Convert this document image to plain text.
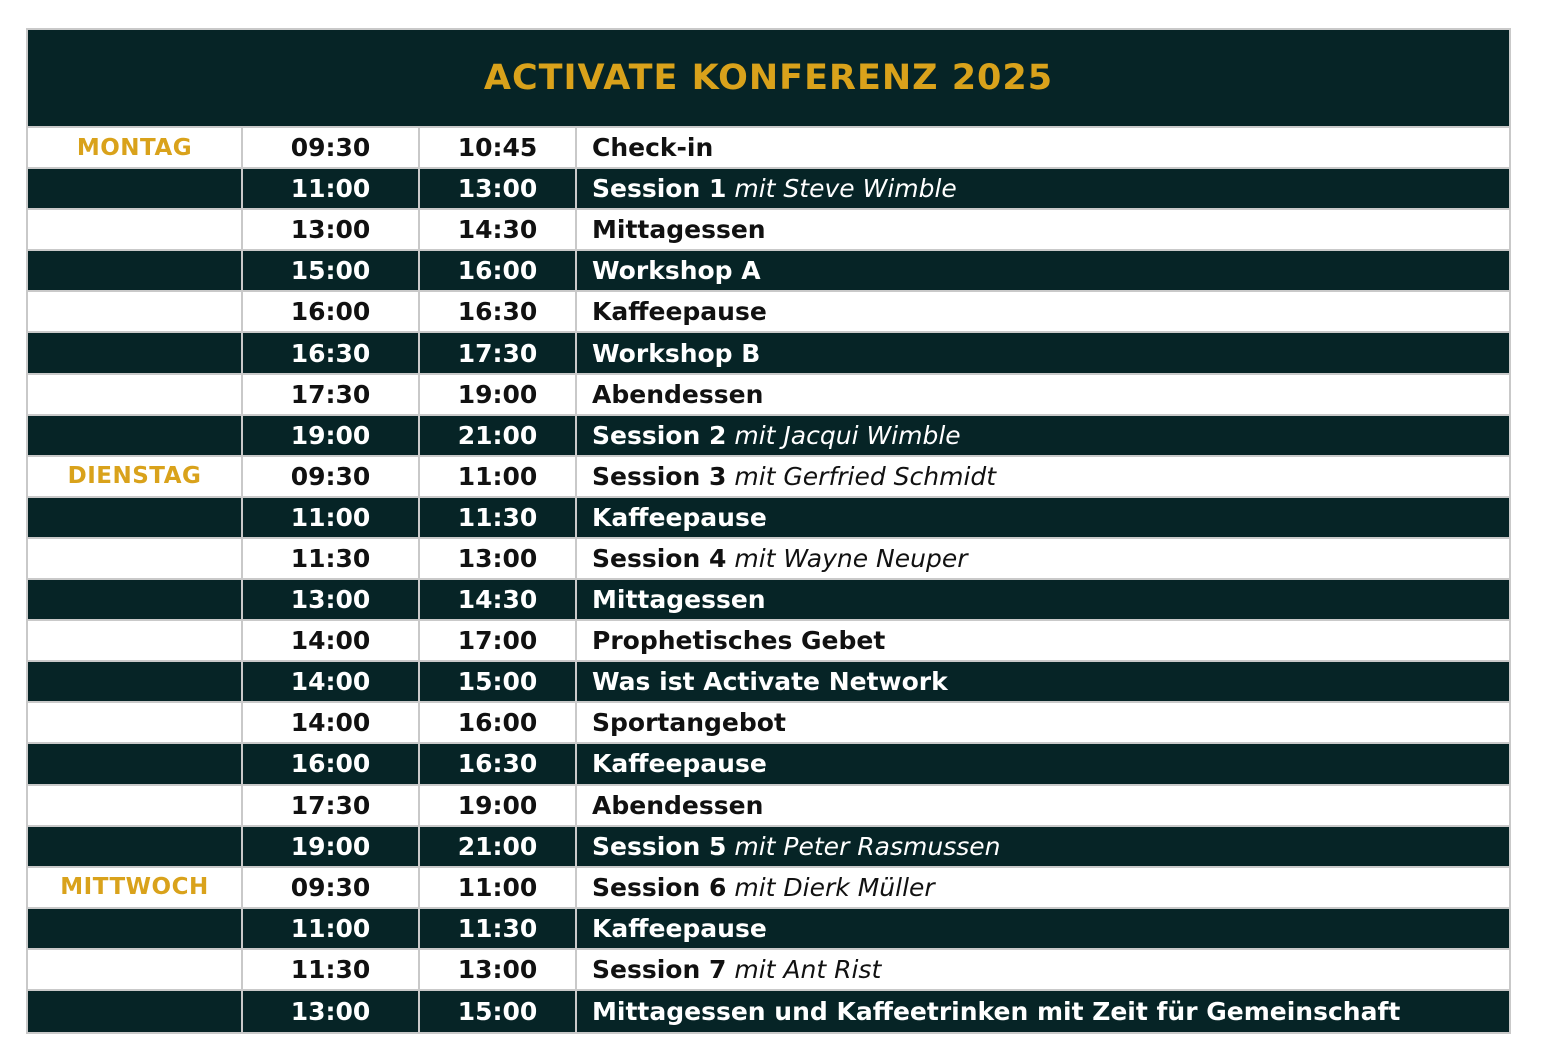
ACTIVATE KONFERENZ 2025
MONTAG	09:30	10:45	Check-in
11:00	13:00	Session 1 mit Steve Wimble
13:00	14:30	Mittagessen
15:00	16:00	Workshop A
16:00	16:30	Kaffeepause
16:30	17:30	Workshop B
17:30	19:00	Abendessen
19:00	21:00	Session 2 mit Jacqui Wimble
DIENSTAG	09:30	11:00	Session 3 mit Gerfried Schmidt
11:00	11:30	Kaffeepause
11:30	13:00	Session 4 mit Wayne Neuper
13:00	14:30	Mittagessen
14:00	17:00	Prophetisches Gebet
14:00	15:00	Was ist Activate Network
14:00	16:00	Sportangebot
16:00	16:30	Kaffeepause
17:30	19:00	Abendessen
19:00	21:00	Session 5 mit Peter Rasmussen
MITTWOCH	09:30	11:00	Session 6 mit Dierk Müller
11:00	11:30	Kaffeepause
11:30	13:00	Session 7 mit Ant Rist
13:00	15:00	Mittagessen und Kaffeetrinken mit Zeit für Gemeinschaft
